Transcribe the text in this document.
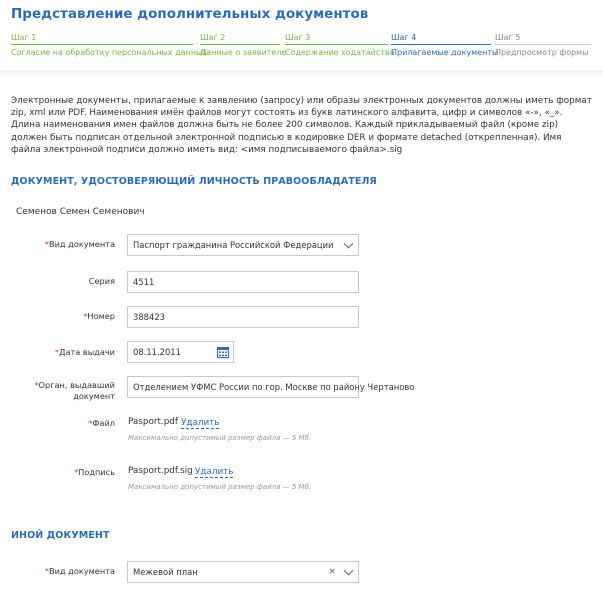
Представление дополнительных документов
Шаг 1
Согласие на обработку персональных данных
Шаг 2
Данные о заявителе
Шаг 3
Содержание ходатайства
Шаг 4
Прилагаемые документы
Шаг 5
Предпросмотр формы
Электронные документы, прилагаемые к заявлению (запросу) или образы электронных документов должны иметь формат zip, xml или PDF. Наименования имён файлов могут состоять из букв латинского алфавита, цифр и символов «-», «_». Длина наименования имен файлов должна быть не более 200 символов. Каждый прикладываемый файл (кроме zip) должен быть подписан отдельной электронной подписью в кодировке DER и формате detached (открепленная). Имя файла электронной подписи должно иметь вид: <имя подписываемого файла>.sig
ДОКУМЕНТ, УДОСТОВЕРЯЮЩИЙ ЛИЧНОСТЬ ПРАВООБЛАДАТЕЛЯ
Семенов Семен Семенович
*Вид документа	Паспорт гражданина Российской Федерации
Серия	4511
*Номер	388423
*Дата выдачи	08.11.2011
*Орган, выдавший документ
Отделением УФМС России по гор. Москве по району Чертаново
*Файл Pasport.pdf Удалить
Максимально допустимый размер файла — 5 Мб.
*Подпись Pasport.pdf.sig Удалить
Максимально допустимый размер файла — 5 Мб.
ИНОЙ ДОКУМЕНТ
*Вид документа	Межевой план	×
